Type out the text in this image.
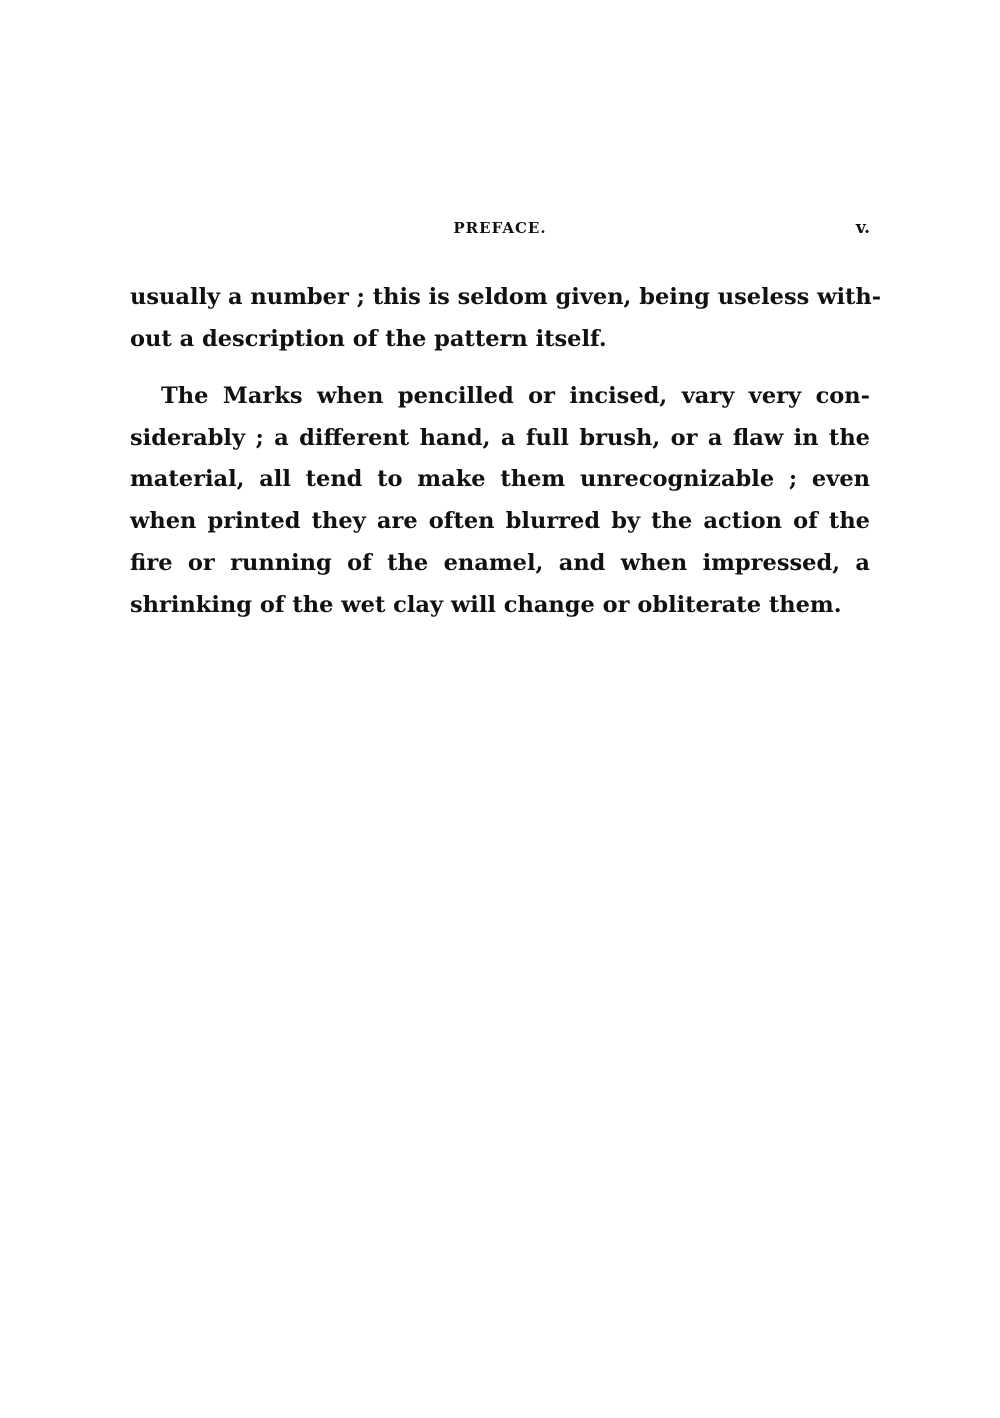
PREFACE.	v.
usually a number ; this is seldom given, being useless with-
out a description of the pattern itself.
The Marks when pencilled or incised, vary very con-
siderably ; a different hand, a full brush, or a flaw in the
material, all tend to make them unrecognizable ; even
when printed they are often blurred by the action of the
fire or running of the enamel, and when impressed, a
shrinking of the wet clay will change or obliterate them.
